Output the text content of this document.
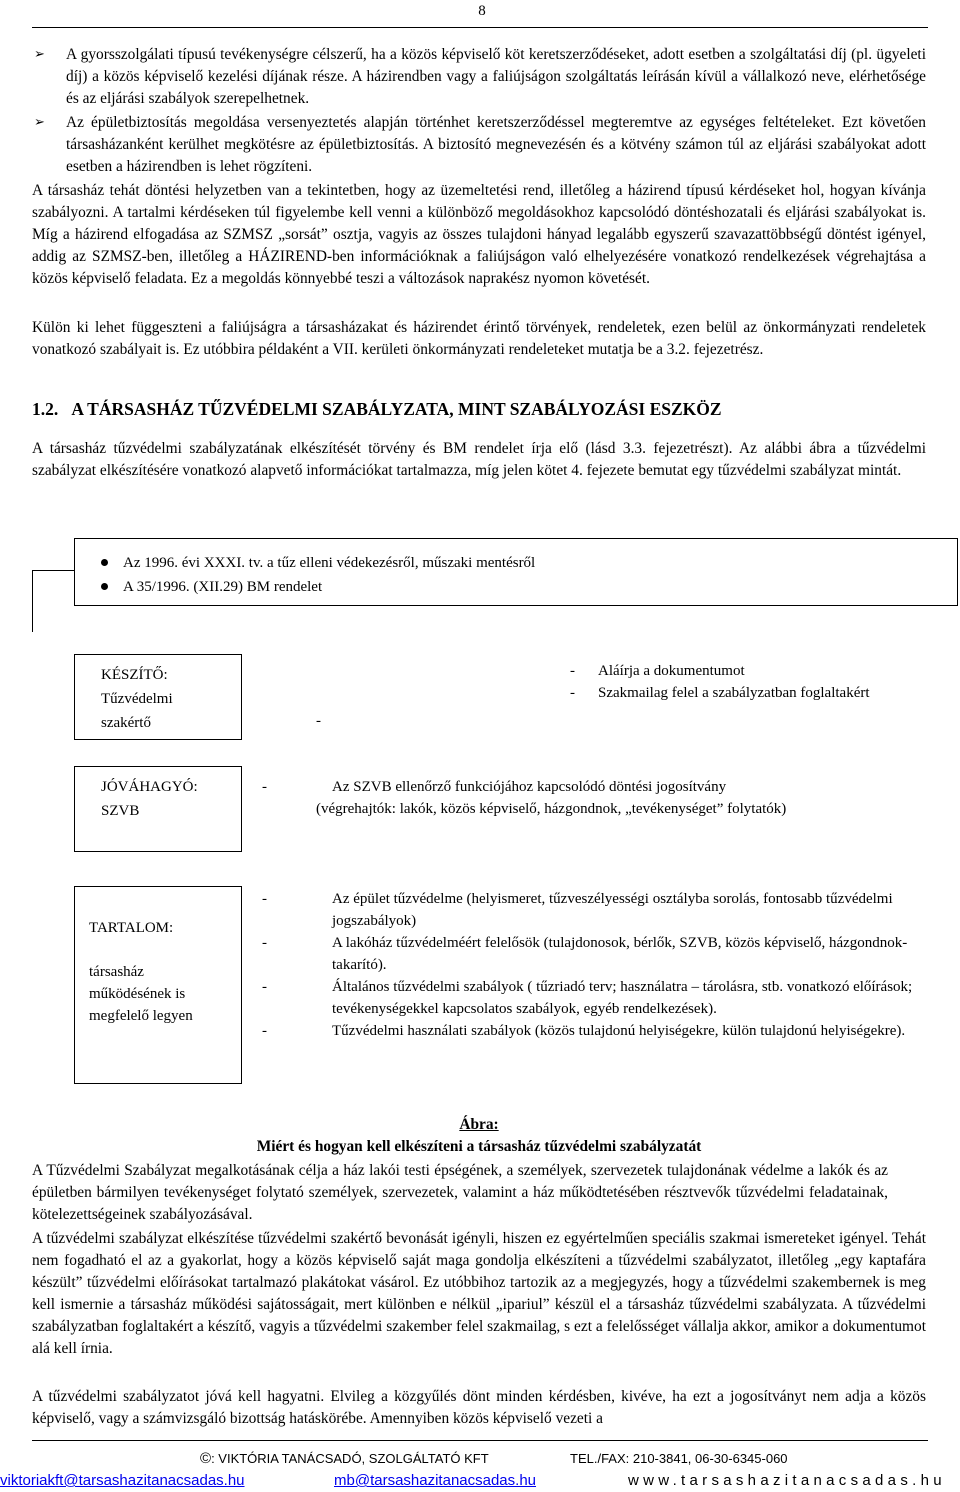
8
➢	A gyorsszolgálati típusú tevékenységre célszerű, ha a közös képviselő köt keretszerződéseket, adott esetben a szolgáltatási díj (pl. ügyeleti díj) a közös képviselő kezelési díjának része. A házirendben vagy a faliújságon szolgáltatás leírásán kívül a vállalkozó neve, elérhetősége és az eljárási szabályok szerepelhetnek.
➢	Az épületbiztosítás megoldása versenyeztetés alapján történhet keretszerződéssel megteremtve az egységes feltételeket. Ezt követően társasházanként kerülhet megkötésre az épületbiztosítás. A biztosító megnevezésén és a kötvény számon túl az eljárási szabályokat adott esetben a házirendben is lehet rögzíteni.

A társasház tehát döntési helyzetben van a tekintetben, hogy az üzemeltetési rend, illetőleg a házirend típusú kérdéseket hol, hogyan kívánja szabályozni. A tartalmi kérdéseken túl figyelembe kell venni a különböző megoldásokhoz kapcsolódó döntéshozatali és eljárási szabályokat is. Míg a házirend elfogadása az SZMSZ „sorsát” osztja, vagyis az összes tulajdoni hányad legalább egyszerű szavazattöbbségű döntést igényel, addig az SZMSZ-ben, illetőleg a HÁZIREND-ben információknak a faliújságon való elhelyezésére vonatkozó rendelkezések végrehajtása a közös képviselő feladata. Ez a megoldás könnyebbé teszi a változások naprakész nyomon követését.

Külön ki lehet függeszteni a faliújságra a társasházakat és házirendet érintő törvények, rendeletek, ezen belül az önkormányzati rendeletek vonatkozó szabályait is. Ez utóbbira példaként a VII. kerületi önkormányzati rendeleteket mutatja be a 3.2. fejezetrész.

1.2. A TÁRSASHÁZ TŰZVÉDELMI SZABÁLYZATA, MINT SZABÁLYOZÁSI ESZKÖZ

A társasház tűzvédelmi szabályzatának elkészítését törvény és BM rendelet írja elő (lásd 3.3. fejezetrészt). Az alábbi ábra a tűzvédelmi szabályzat elkészítésére vonatkozó alapvető információkat tartalmazza, míg jelen kötet 4. fejezete bemutat egy tűzvédelmi szabályzat mintát.

Az 1996. évi XXXI. tv. a tűz elleni védekezésről, műszaki mentésről
A 35/1996. (XII.29) BM rendelet
KÉSZÍTŐ:
Tűzvédelmi
szakértő	-
- Aláírja a dokumentumot
- Szakmailag felel a szabályzatban foglaltakért
JÓVÁHAGYÓ:
SZVB
-	Az SZVB ellenőrző funkciójához kapcsolódó döntési jogosítvány
(végrehajtók: lakók, közös képviselő, házgondnok, „tevékenységet” folytatók)
TARTALOM:
társasház
működésének is
megfelelő legyen
-	Az épület tűzvédelme (helyismeret, tűzveszélyességi osztályba sorolás, fontosabb tűzvédelmi jogszabályok)
-	A lakóház tűzvédelméért felelősök (tulajdonosok, bérlők, SZVB, közös képviselő, házgondnok-takarító).
-	Általános tűzvédelmi szabályok ( tűzriadó terv; használatra – tárolásra, stb. vonatkozó előírások; tevékenységekkel kapcsolatos szabályok, egyéb rendelkezések).
-	Tűzvédelmi használati szabályok (közös tulajdonú helyiségekre, külön tulajdonú helyiségekre).
Ábra:
Miért és hogyan kell elkészíteni a társasház tűzvédelmi szabályzatát

A Tűzvédelmi Szabályzat megalkotásának célja a ház lakói testi épségének, a személyek, szervezetek tulajdonának védelme a lakók és az épületben bármilyen tevékenységet folytató személyek, szervezetek, valamint a ház működtetésében résztvevők tűzvédelmi feladatainak, kötelezettségeinek szabályozásával.

A tűzvédelmi szabályzat elkészítése tűzvédelmi szakértő bevonását igényli, hiszen ez egyértelműen speciális szakmai ismereteket igényel. Tehát nem fogadható el az a gyakorlat, hogy a közös képviselő saját maga gondolja elkészíteni a tűzvédelmi szabályzatot, illetőleg „egy kaptafára készült” tűzvédelmi előírásokat tartalmazó plakátokat vásárol. Ez utóbbihoz tartozik az a megjegyzés, hogy a tűzvédelmi szakembernek is meg kell ismernie a társasház működési sajátosságait, mert különben e nélkül „ipariul” készül el a társasház tűzvédelmi szabályzata. A tűzvédelmi szabályzatban foglaltakért a készítő, vagyis a tűzvédelmi szakember felel szakmailag, s ezt a felelősséget vállalja akkor, amikor a dokumentumot alá kell írnia.

A tűzvédelmi szabályzatot jóvá kell hagyatni. Elvileg a közgyűlés dönt minden kérdésben, kivéve, ha ezt a jogosítványt nem adja a közös képviselő, vagy a számvizsgáló bizottság hatáskörébe. Amennyiben közös képviselő vezeti a

©: VIKTÓRIA TANÁCSADÓ, SZOLGÁLTATÓ KFT	TEL./FAX: 210-3841, 06-30-6345-060
viktoriakft@tarsashazitanacsadas.hu	mb@tarsashazitanacsadas.hu	www.tarsashazitanacsadas.hu
